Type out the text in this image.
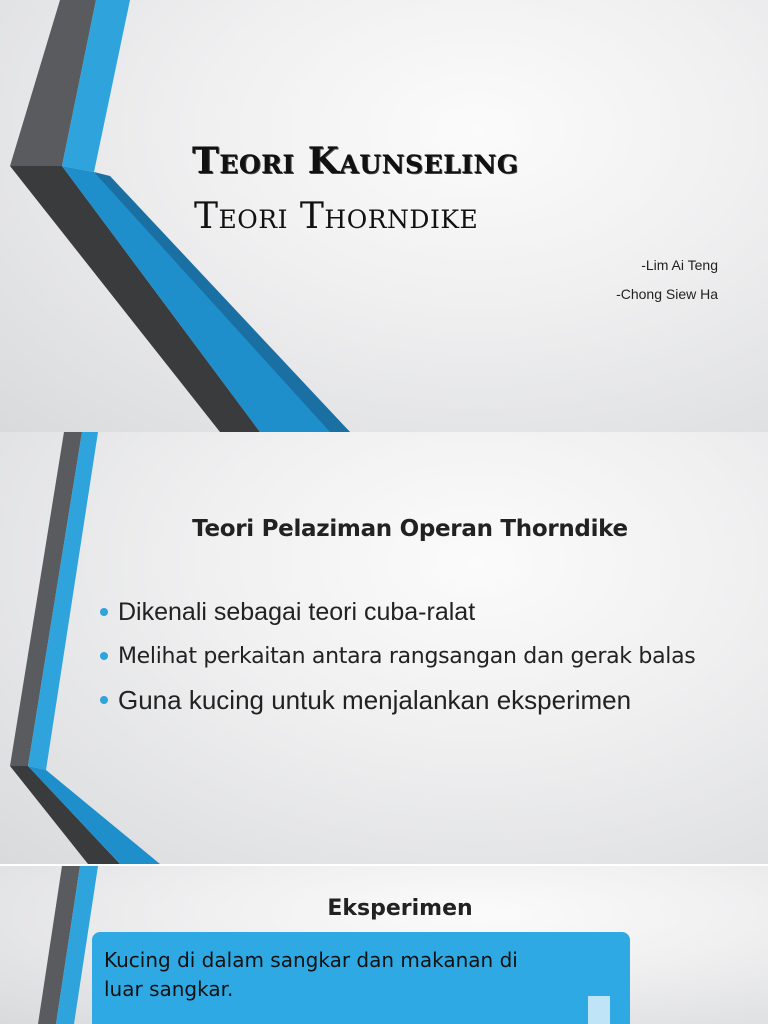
Teori Kaunseling
Teori Thorndike

-Lim Ai Teng

-Chong Siew Ha

Teori Pelaziman Operan Thorndike
Dikenali sebagai teori cuba-ralat
Melihat perkaitan antara rangsangan dan gerak balas
Guna kucing untuk menjalankan eksperimen
Eksperimen

Kucing di dalam sangkar dan makanan di luar sangkar.
